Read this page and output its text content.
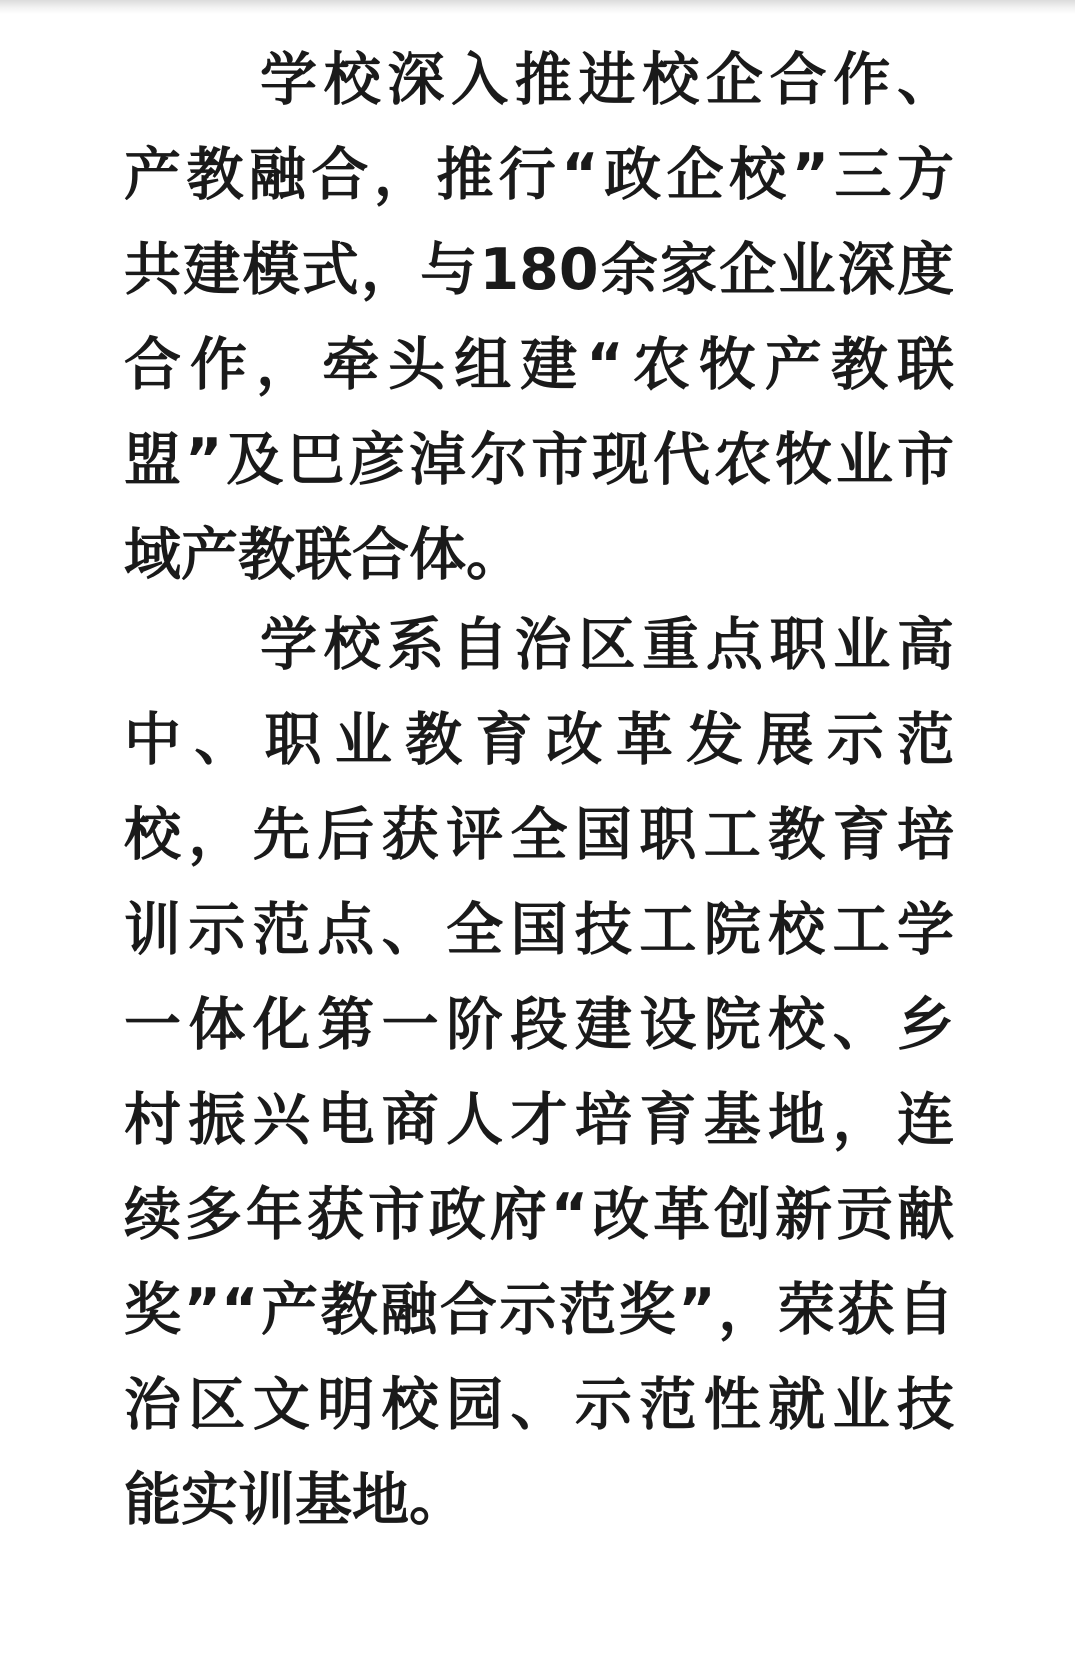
学校深入推进校企合作、
产教融合，推行“政企校”三方
共建模式，与180余家企业深度
合作，牵头组建“农牧产教联
盟”及巴彦淖尔市现代农牧业市
域产教联合体。
学校系自治区重点职业高
中、职业教育改革发展示范
校，先后获评全国职工教育培
训示范点、全国技工院校工学
一体化第一阶段建设院校、乡
村振兴电商人才培育基地，连
续多年获市政府“改革创新贡献
奖”“产教融合示范奖”，荣获自
治区文明校园、示范性就业技
能实训基地。
